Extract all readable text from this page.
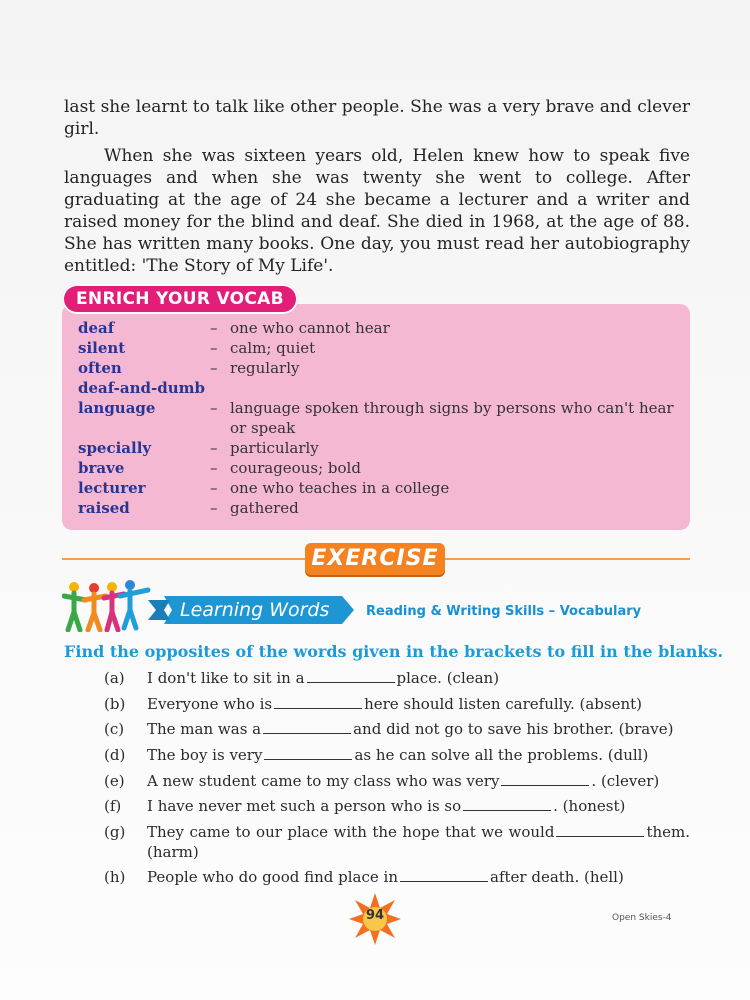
last she learnt to talk like other people. She was a very brave and clever girl.

When she was sixteen years old, Helen knew how to speak five languages and when she was twenty she went to college. After graduating at the age of 24 she became a lecturer and a writer and raised money for the blind and deaf. She died in 1968, at the age of 88. She has written many books. One day, you must read her autobiography entitled: 'The Story of My Life'.

deaf	– one who cannot hear
silent	– calm; quiet
often	– regularly
deaf-and-dumb
language	– language spoken through signs by persons who can't hear or speak
specially	– particularly
brave	– courageous; bold
lecturer	– one who teaches in a college
raised	– gathered
ENRICH YOUR VOCAB
EXERCISE
Learning Words	Reading & Writing Skills – Vocabulary
Find the opposites of the words given in the brackets to fill in the blanks.
(a) I don't like to sit in a	place. (clean)
(b) Everyone who is	here should listen carefully. (absent)
(c) The man was a	and did not go to save his brother. (brave)
(d) The boy is very	as he can solve all the problems. (dull)
(e) A new student came to my class who was very	. (clever)
(f) I have never met such a person who is so	. (honest)
(g) They came to our place with the hope that we would	them. (harm)
(h) People who do good find place in	after death. (hell)
94	Open Skies-4
